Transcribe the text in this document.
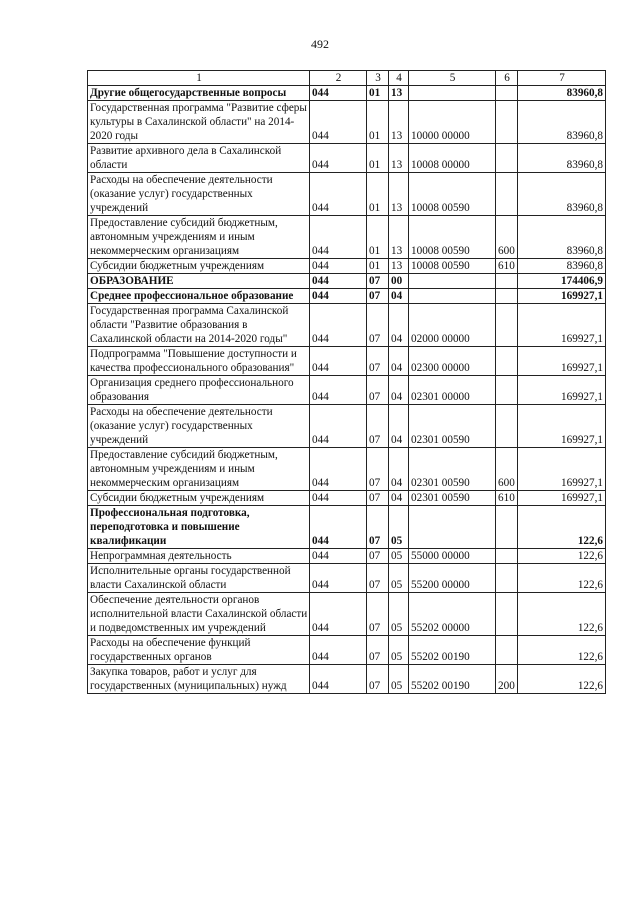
492
1	2	3	4	5	6	7
Другие общегосударственные вопросы	044	01	13			83960,8
Государственная программа "Развитие сферы культуры в Сахалинской области" на 2014-2020 годы	044	01	13	10000 00000		83960,8
Развитие архивного дела в Сахалинской области	044	01	13	10008 00000		83960,8
Расходы на обеспечение деятельности (оказание услуг) государственных учреждений	044	01	13	10008 00590		83960,8
Предоставление субсидий бюджетным, автономным учреждениям и иным некоммерческим организациям	044	01	13	10008 00590	600	83960,8
Субсидии бюджетным учреждениям	044	01	13	10008 00590	610	83960,8
ОБРАЗОВАНИЕ	044	07	00			174406,9
Среднее профессиональное образование	044	07	04			169927,1
Государственная программа Сахалинской области "Развитие образования в Сахалинской области на 2014-2020 годы"	044	07	04	02000 00000		169927,1
Подпрограмма "Повышение доступности и качества профессионального образования"	044	07	04	02300 00000		169927,1
Организация среднего профессионального образования	044	07	04	02301 00000		169927,1
Расходы на обеспечение деятельности (оказание услуг) государственных учреждений	044	07	04	02301 00590		169927,1
Предоставление субсидий бюджетным, автономным учреждениям и иным некоммерческим организациям	044	07	04	02301 00590	600	169927,1
Субсидии бюджетным учреждениям	044	07	04	02301 00590	610	169927,1
Профессиональная подготовка, переподготовка и повышение квалификации	044	07	05			122,6
Непрограммная деятельность	044	07	05	55000 00000		122,6
Исполнительные органы государственной власти Сахалинской области	044	07	05	55200 00000		122,6
Обеспечение деятельности органов исполнительной власти Сахалинской области и подведомственных им учреждений	044	07	05	55202 00000		122,6
Расходы на обеспечение функций государственных органов	044	07	05	55202 00190		122,6
Закупка товаров, работ и услуг для государственных (муниципальных) нужд	044	07	05	55202 00190	200	122,6
